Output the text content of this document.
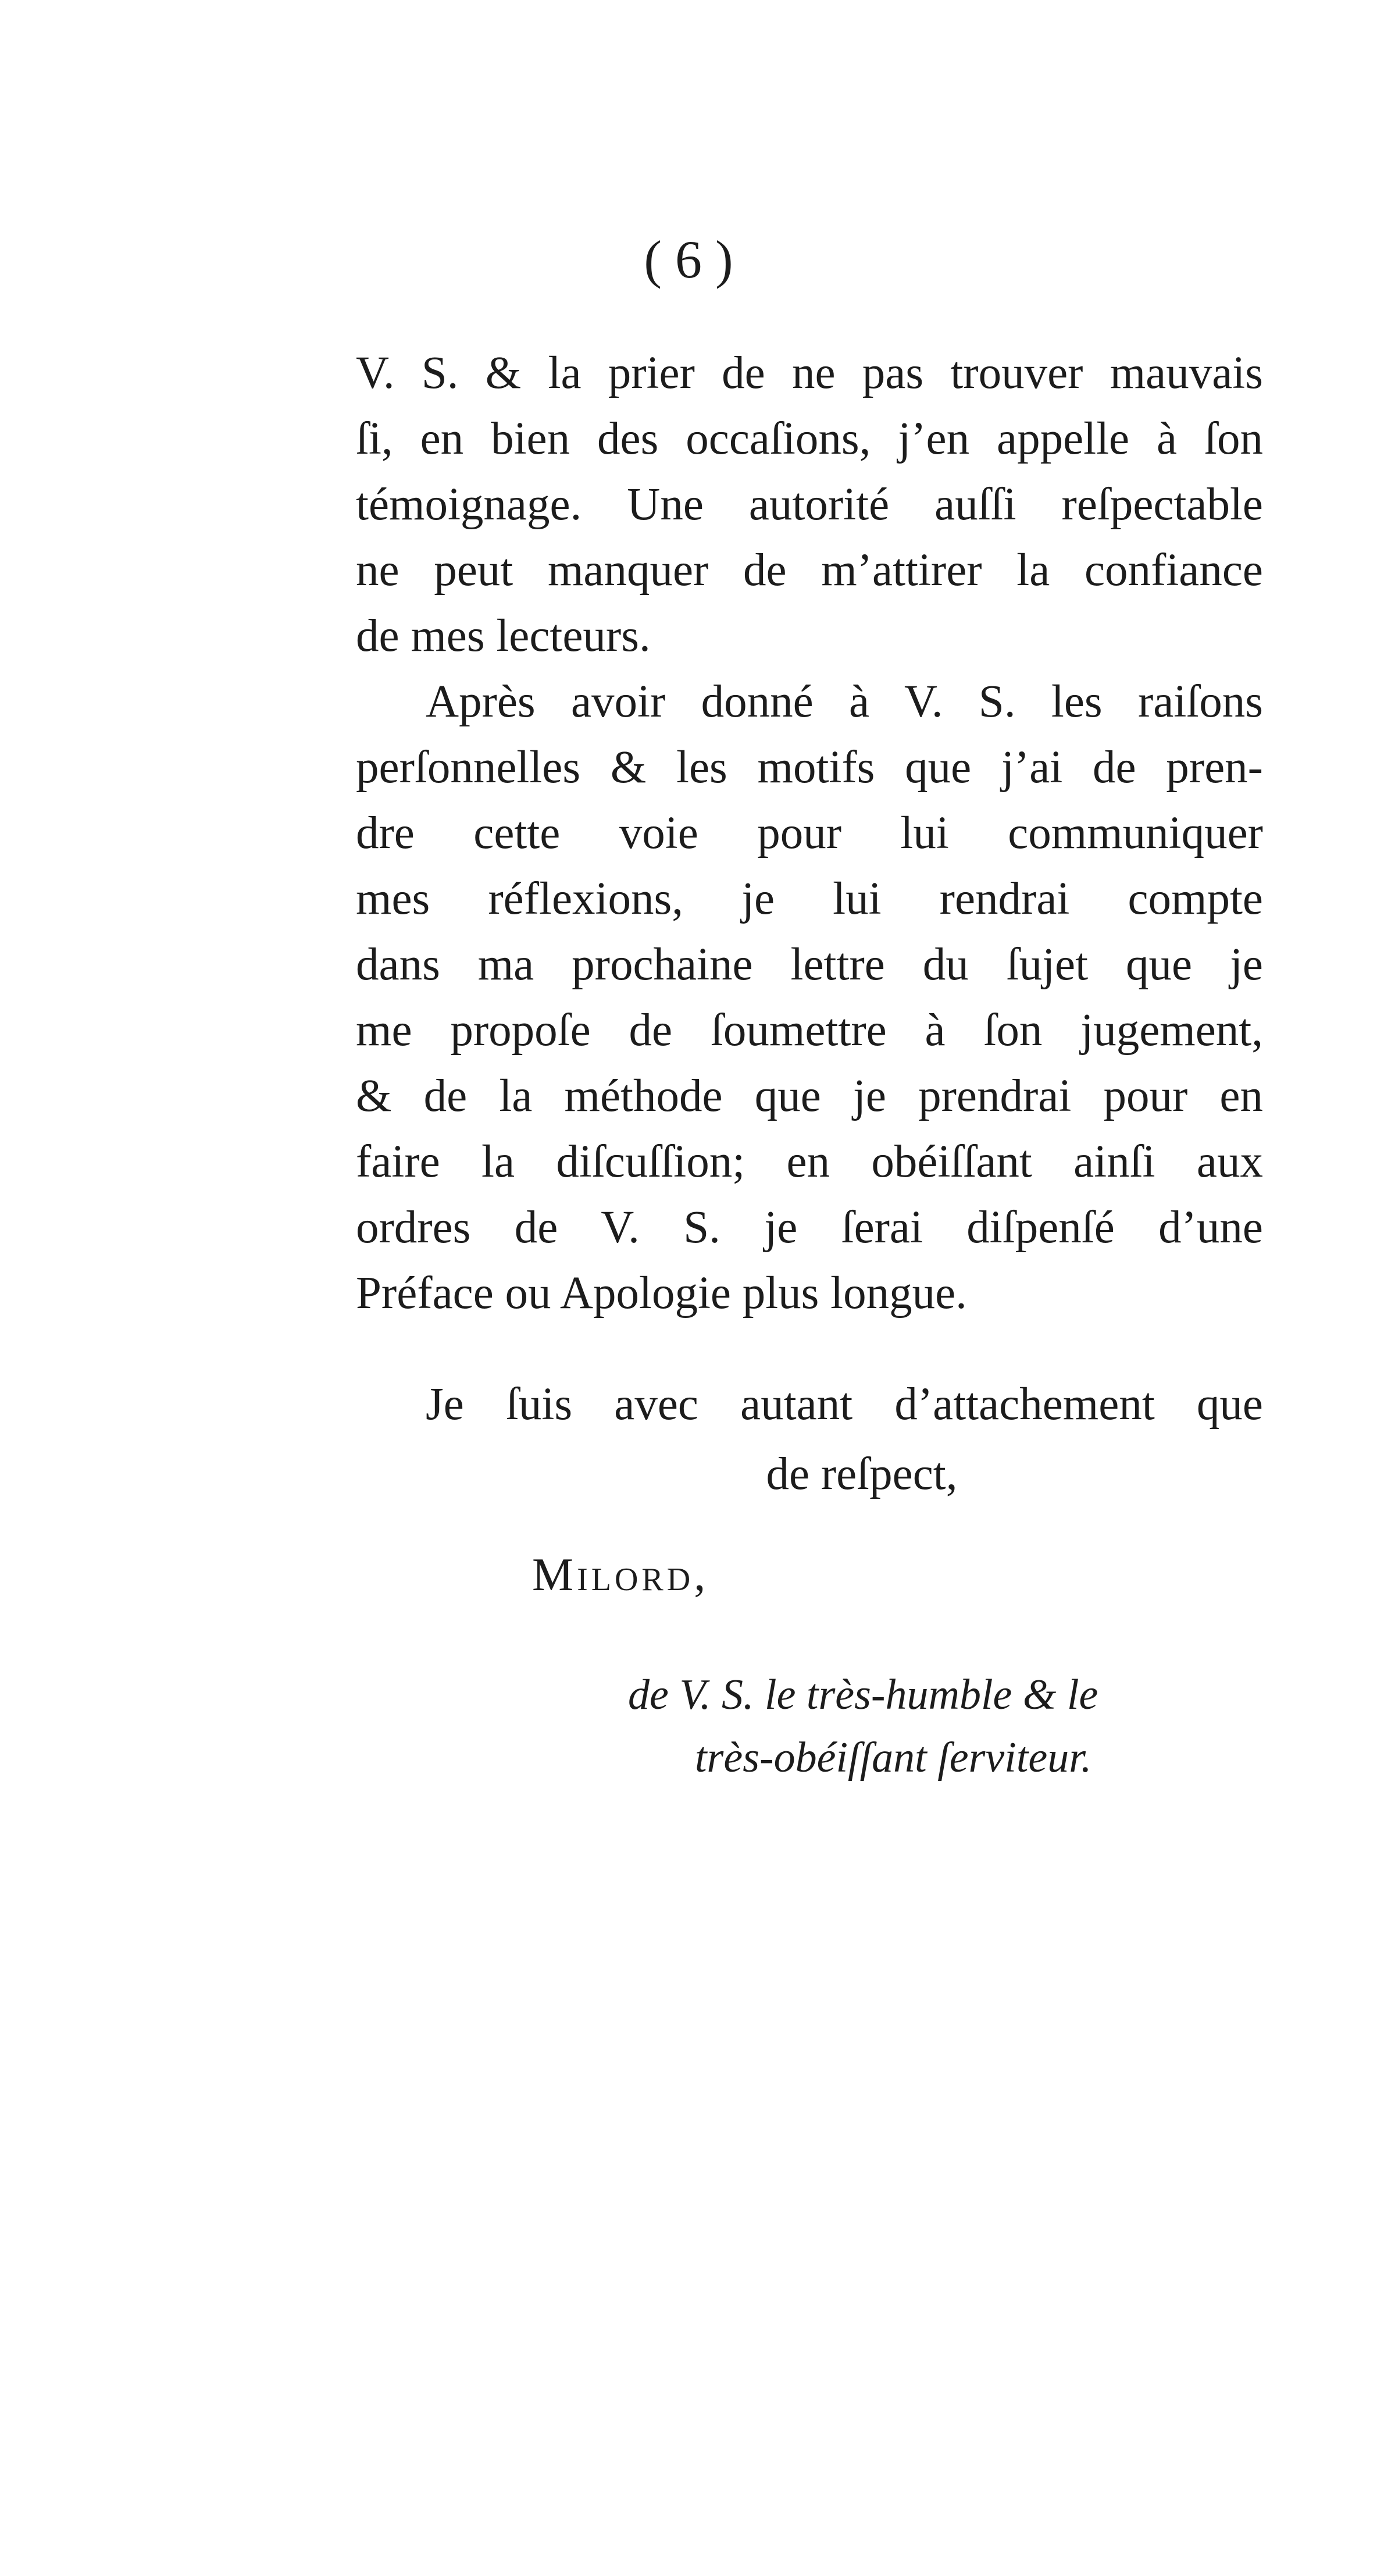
( 6 )
V. S. & la prier de ne pas trouver mauvais
ſi, en bien des occaſions, j’en appelle à ſon
témoignage. Une autorité auſſi reſpectable
ne peut manquer de m’attirer la confiance
de mes lecteurs.
Après avoir donné à V. S. les raiſons
perſonnelles & les motifs que j’ai de pren-
dre cette voie pour lui communiquer
mes réflexions, je lui rendrai compte
dans ma prochaine lettre du ſujet que je
me propoſe de ſoumettre à ſon jugement,
& de la méthode que je prendrai pour en
faire la diſcuſſion; en obéiſſant ainſi aux
ordres de V. S. je ſerai diſpenſé d’une
Préface ou Apologie plus longue.
Je ſuis avec autant d’attachement que
de reſpect,
Milord,
de V. S. le très-humble & le
très-obéiſſant ſerviteur.
